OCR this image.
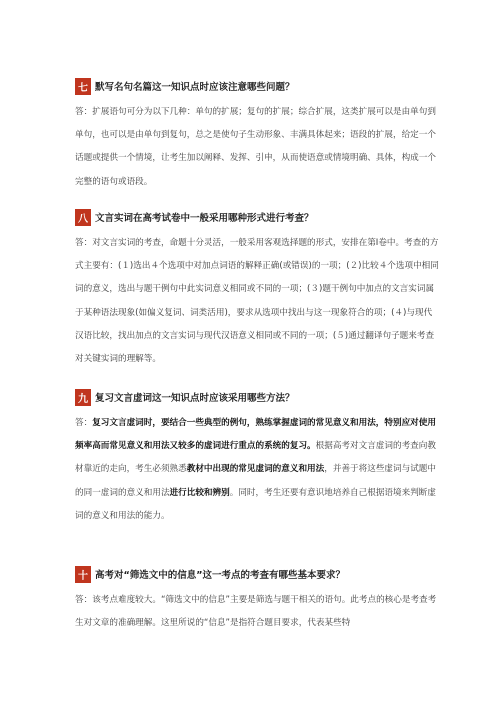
七 默写名句名篇这一知识点时应该注意哪些问题？
答：扩展语句可分为以下几种：单句的扩展；复句的扩展；综合扩展，这类扩展可以是由单句到单句，也可以是由单句到复句，总之是使句子生动形象、丰满具体起来；语段的扩展，给定一个话题或提供一个情境，让考生加以阐释、发挥、引申，从而使语意或情境明确、具体，构成一个完整的语句或语段。
八 文言实词在高考试卷中一般采用哪种形式进行考查？
答：对文言实词的考查，命题十分灵活，一般采用客观选择题的形式，安排在第Ⅰ卷中。考查的方式主要有：(１)选出４个选项中对加点词语的解释正确(或错误)的一项；(２)比较４个选项中相同词的意义，选出与题干例句中此实词意义相同或不同的一项；(３)题干例句中加点的文言实词属于某种语法现象(如偏义复词、词类活用)，要求从选项中找出与这一现象符合的项；(４)与现代汉语比较，找出加点的文言实词与现代汉语意义相同或不同的一项；(５)通过翻译句子题来考查对关键实词的理解等。
九 复习文言虚词这一知识点时应该采用哪些方法？
答：复习文言虚词时，要结合一些典型的例句，熟练掌握虚词的常见意义和用法，特别应对使用频率高而常见意义和用法又较多的虚词进行重点的系统的复习。根据高考对文言虚词的考查向教材靠近的走向，考生必须熟悉教材中出现的常见虚词的意义和用法，并善于将这些虚词与试题中的同一虚词的意义和用法进行比较和辨别。同时，考生还要有意识地培养自己根据语境来判断虚词的意义和用法的能力。
十 高考对“筛选文中的信息”这一考点的考查有哪些基本要求？
答：该考点难度较大。“筛选文中的信息”主要是筛选与题干相关的语句。此考点的核心是考查考生对文章的准确理解。这里所说的“信息”是指符合题目要求，代表某些特
